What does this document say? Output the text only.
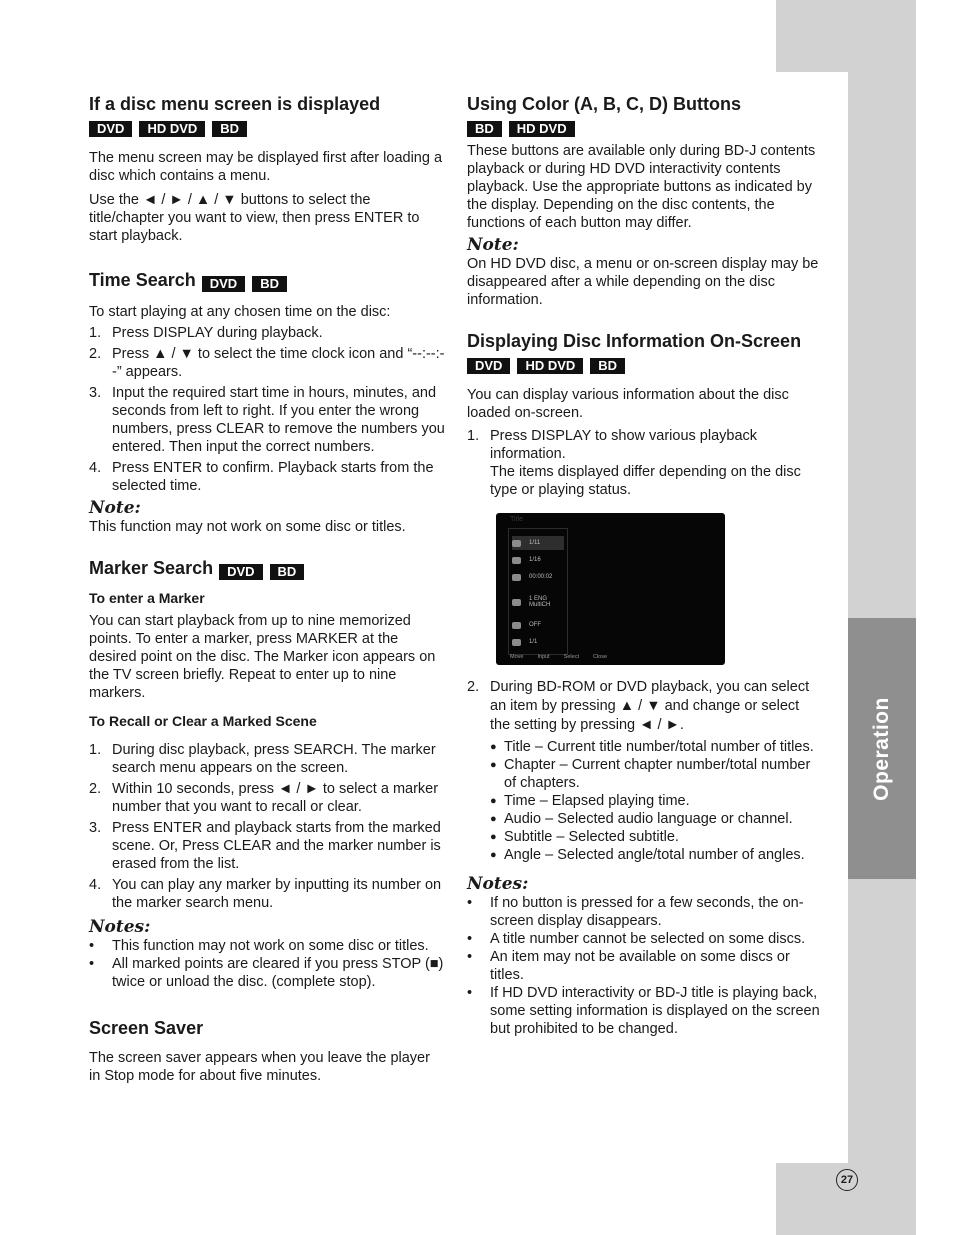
Operation
27
If a disc menu screen is displayed
DVD	HD DVD	BD

The menu screen may be displayed first after loading a disc which contains a menu.

Use the ◄ / ► / ▲ / ▼ buttons to select the title/chapter you want to view, then press ENTER to start playback.

Time Search	DVD	BD

To start playing at any chosen time on the disc:

1. Press DISPLAY during playback.
2. Press ▲ / ▼ to select the time clock icon and “--:--:--” appears.
3. Input the required start time in hours, minutes, and seconds from left to right. If you enter the wrong numbers, press CLEAR to remove the numbers you entered. Then input the correct numbers.
4. Press ENTER to confirm. Playback starts from the selected time.
Note:

This function may not work on some disc or titles.

Marker Search	DVD	BD
To enter a Marker

You can start playback from up to nine memorized points. To enter a marker, press MARKER at the desired point on the disc. The Marker icon appears on the TV screen briefly. Repeat to enter up to nine markers.

To Recall or Clear a Marked Scene
1. During disc playback, press SEARCH. The marker search menu appears on the screen.
2. Within 10 seconds, press ◄ / ► to select a marker number that you want to recall or clear.
3. Press ENTER and playback starts from the marked scene. Or, Press CLEAR and the marker number is erased from the list.
4. You can play any marker by inputting its number on the marker search menu.
Notes:
•	This function may not work on some disc or titles.
•	All marked points are cleared if you press STOP (■) twice or unload the disc. (complete stop).
Screen Saver

The screen saver appears when you leave the player in Stop mode for about five minutes.

Using Color (A, B, C, D) Buttons
BD	HD DVD

These buttons are available only during BD-J contents playback or during HD DVD interactivity contents playback. Use the appropriate buttons as indicated by the display. Depending on the disc contents, the functions of each button may differ.

Note:

On HD DVD disc, a menu or on-screen display may be disappeared after a while depending on the disc information.

Displaying Disc Information On-Screen
DVD	HD DVD	BD

You can display various information about the disc loaded on-screen.

1. Press DISPLAY to show various playback information.
The items displayed differ depending on the disc type or playing status.
2. During BD-ROM or DVD playback, you can select an item by pressing ▲ / ▼ and change or select the setting by pressing ◄ / ►.
● Title – Current title number/total number of titles.
● Chapter – Current chapter number/total number of chapters.
● Time – Elapsed playing time.
● Audio – Selected audio language or channel.
● Subtitle – Selected subtitle.
● Angle – Selected angle/total number of angles.
Notes:
•	If no button is pressed for a few seconds, the on-screen display disappears.
•	A title number cannot be selected on some discs.
•	An item may not be available on some discs or titles.
•	If HD DVD interactivity or BD-J title is playing back, some setting information is displayed on the screen but prohibited to be changed.
Title
1/11
1/16
00:00:02
1 ENG MultiCH
OFF
1/1
Move	Input	Select	Close
